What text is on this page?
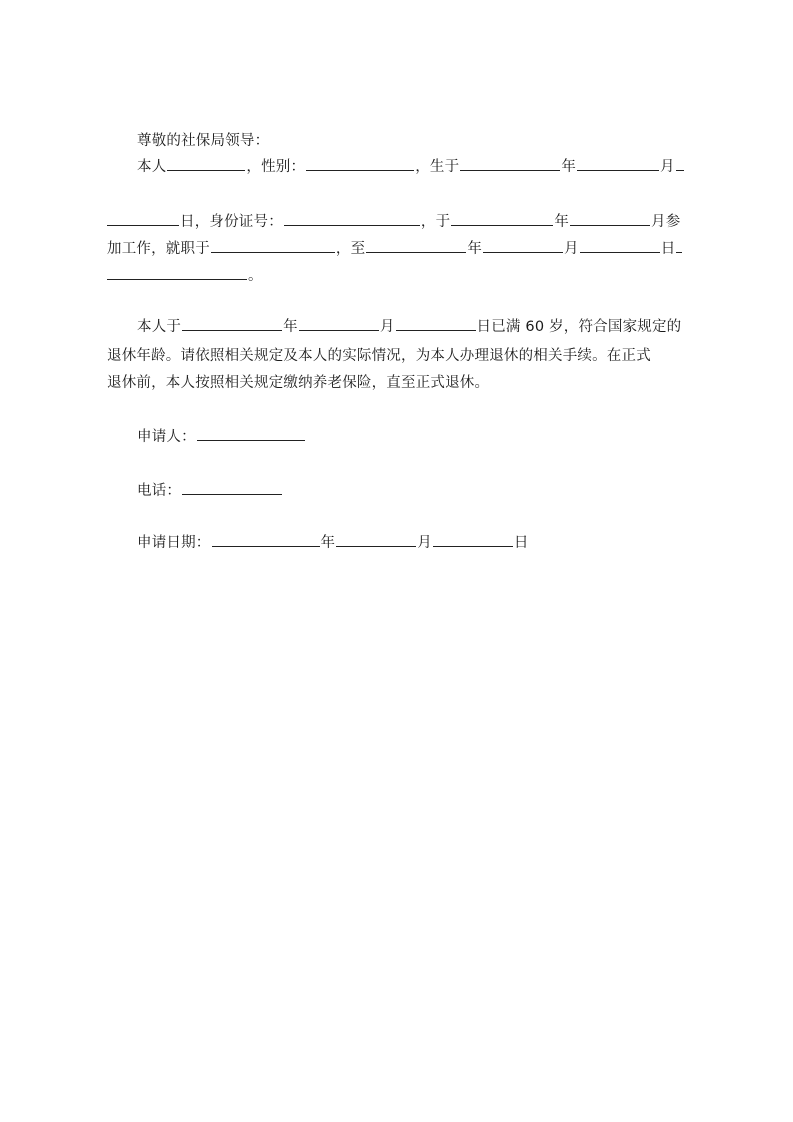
尊敬的社保局领导：
本人	，性别：	，生于	年	月
日，身份证号：	，于	年	月参
加工作，就职于	，至	年	月	日
。
本人于	年	月	日已满 60 岁，符合国家规定的
退休年龄。请依照相关规定及本人的实际情况，为本人办理退休的相关手续。在正式
退休前，本人按照相关规定缴纳养老保险，直至正式退休。
申请人：
电话：
申请日期：	年	月	日
